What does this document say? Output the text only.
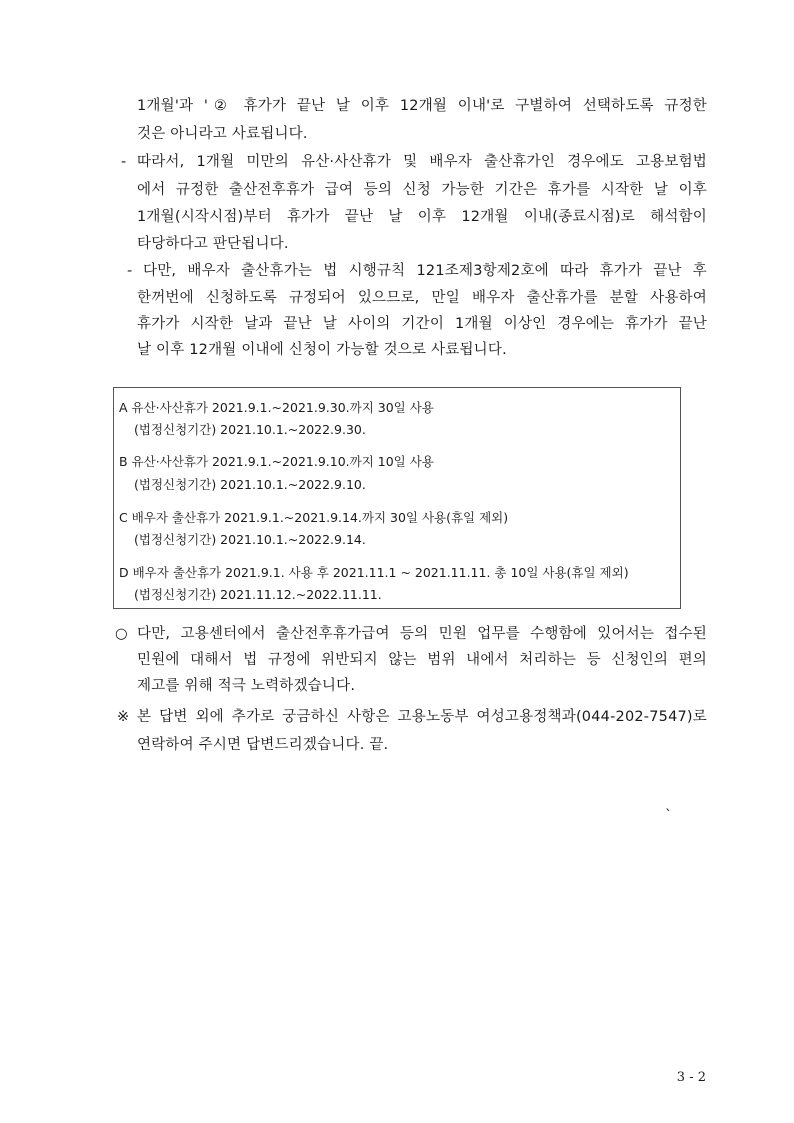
1개월'과 '② 휴가가 끝난 날 이후 12개월 이내'로 구별하여 선택하도록 규정한
것은 아니라고 사료됩니다.
- 따라서, 1개월 미만의 유산·사산휴가 및 배우자 출산휴가인 경우에도 고용보험법
에서 규정한 출산전후휴가 급여 등의 신청 가능한 기간은 휴가를 시작한 날 이후
1개월(시작시점)부터 휴가가 끝난 날 이후 12개월 이내(종료시점)로 해석함이
타당하다고 판단됩니다.
- 다만, 배우자 출산휴가는 법 시행규칙 121조제3항제2호에 따라 휴가가 끝난 후
한꺼번에 신청하도록 규정되어 있으므로, 만일 배우자 출산휴가를 분할 사용하여
휴가가 시작한 날과 끝난 날 사이의 기간이 1개월 이상인 경우에는 휴가가 끝난
날 이후 12개월 이내에 신청이 가능할 것으로 사료됩니다.
A 유산·사산휴가 2021.9.1.~2021.9.30.까지 30일 사용
(법정신청기간) 2021.10.1.~2022.9.30.
B 유산·사산휴가 2021.9.1.~2021.9.10.까지 10일 사용
(법정신청기간) 2021.10.1.~2022.9.10.
C 배우자 출산휴가 2021.9.1.~2021.9.14.까지 30일 사용(휴일 제외)
(법정신청기간) 2021.10.1.~2022.9.14.
D 배우자 출산휴가 2021.9.1. 사용 후 2021.11.1 ~ 2021.11.11. 총 10일 사용(휴일 제외)
(법정신청기간) 2021.11.12.~2022.11.11.
○ 다만, 고용센터에서 출산전후휴가급여 등의 민원 업무를 수행함에 있어서는 접수된
민원에 대해서 법 규정에 위반되지 않는 범위 내에서 처리하는 등 신청인의 편의
제고를 위해 적극 노력하겠습니다.
※ 본 답변 외에 추가로 궁금하신 사항은 고용노동부 여성고용정책과(044-202-7547)로
연락하여 주시면 답변드리겠습니다. 끝.
`
3 - 2
